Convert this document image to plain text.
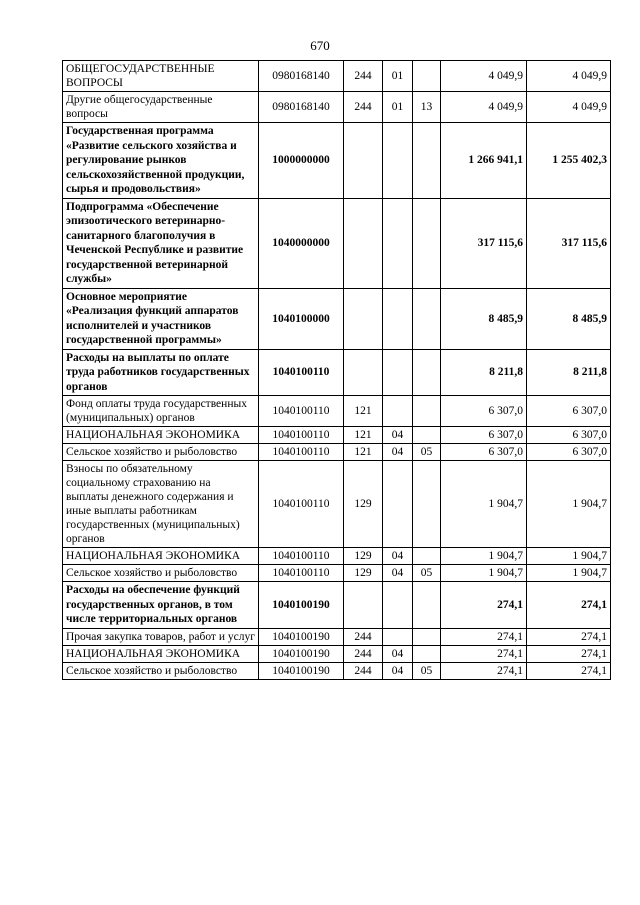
670
ОБЩЕГОСУДАРСТВЕННЫЕ ВОПРОСЫ	0980168140	244	01		4 049,9	4 049,9
Другие общегосударственные вопросы	0980168140	244	01	13	4 049,9	4 049,9
Государственная программа «Развитие сельского хозяйства и регулирование рынков сельскохозяйственной продукции, сырья и продовольствия»	1000000000				1 266 941,1	1 255 402,3
Подпрограмма «Обеспечение эпизоотического ветеринарно-санитарного благополучия в Чеченской Республике и развитие государственной ветеринарной службы»	1040000000				317 115,6	317 115,6
Основное мероприятие «Реализация функций аппаратов исполнителей и участников государственной программы»	1040100000				8 485,9	8 485,9
Расходы на выплаты по оплате труда работников государственных органов	1040100110				8 211,8	8 211,8
Фонд оплаты труда государственных (муниципальных) органов	1040100110	121			6 307,0	6 307,0
НАЦИОНАЛЬНАЯ ЭКОНОМИКА	1040100110	121	04		6 307,0	6 307,0
Сельское хозяйство и рыболовство	1040100110	121	04	05	6 307,0	6 307,0
Взносы по обязательному социальному страхованию на выплаты денежного содержания и иные выплаты работникам государственных (муниципальных) органов	1040100110	129			1 904,7	1 904,7
НАЦИОНАЛЬНАЯ ЭКОНОМИКА	1040100110	129	04		1 904,7	1 904,7
Сельское хозяйство и рыболовство	1040100110	129	04	05	1 904,7	1 904,7
Расходы на обеспечение функций государственных органов, в том числе территориальных органов	1040100190				274,1	274,1
Прочая закупка товаров, работ и услуг	1040100190	244			274,1	274,1
НАЦИОНАЛЬНАЯ ЭКОНОМИКА	1040100190	244	04		274,1	274,1
Сельское хозяйство и рыболовство	1040100190	244	04	05	274,1	274,1
